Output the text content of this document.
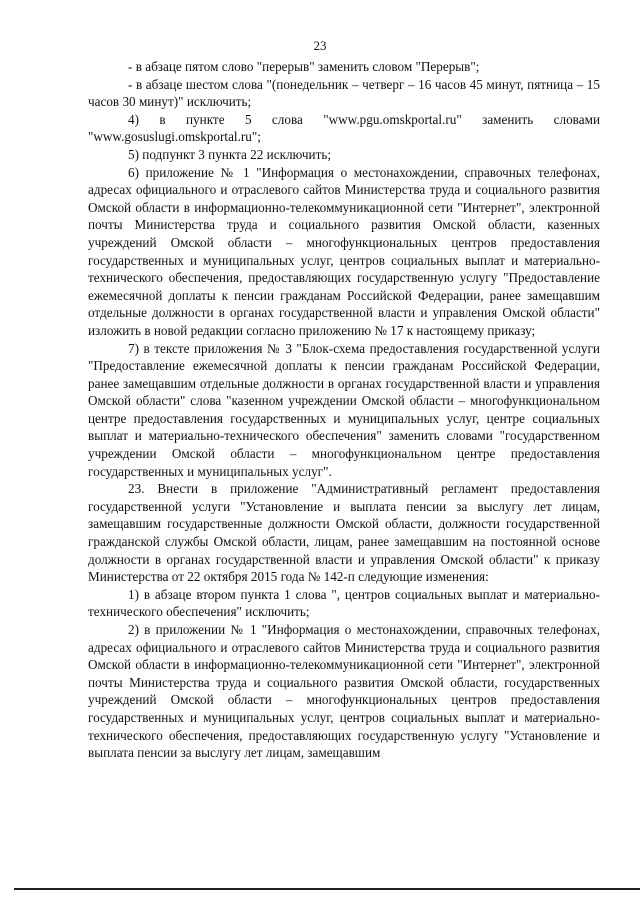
23

- в абзаце пятом слово "перерыв" заменить словом "Перерыв";

- в абзаце шестом слова "(понедельник – четверг – 16 часов 45 минут, пятница – 15 часов 30 минут)" исключить;

4) в пункте 5 слова "www.pgu.omskportal.ru" заменить словами "www.gosuslugi.omskportal.ru";

5) подпункт 3 пункта 22 исключить;

6) приложение № 1 "Информация о местонахождении, справочных телефонах, адресах официального и отраслевого сайтов Министерства труда и социального развития Омской области в информационно-телекоммуникационной сети "Интернет", электронной почты Министерства труда и социального развития Омской области, казенных учреждений Омской области – многофункциональных центров предоставления государственных и муниципальных услуг, центров социальных выплат и материально-технического обеспечения, предоставляющих государственную услугу "Предоставление ежемесячной доплаты к пенсии гражданам Российской Федерации, ранее замещавшим отдельные должности в органах государственной власти и управления Омской области" изложить в новой редакции согласно приложению № 17 к настоящему приказу;

7) в тексте приложения № 3 "Блок-схема предоставления государственной услуги "Предоставление ежемесячной доплаты к пенсии гражданам Российской Федерации, ранее замещавшим отдельные должности в органах государственной власти и управления Омской области" слова "казенном учреждении Омской области – многофункциональном центре предоставления государственных и муниципальных услуг, центре социальных выплат и материально-технического обеспечения" заменить словами "государственном учреждении Омской области – многофункциональном центре предоставления государственных и муниципальных услуг".

23. Внести в приложение "Административный регламент предоставления государственной услуги "Установление и выплата пенсии за выслугу лет лицам, замещавшим государственные должности Омской области, должности государственной гражданской службы Омской области, лицам, ранее замещавшим на постоянной основе должности в органах государственной власти и управления Омской области" к приказу Министерства от 22 октября 2015 года № 142-п следующие изменения:

1) в абзаце втором пункта 1 слова ", центров социальных выплат и материально-технического обеспечения" исключить;

2) в приложении № 1 "Информация о местонахождении, справочных телефонах, адресах официального и отраслевого сайтов Министерства труда и социального развития Омской области в информационно-телекоммуникационной сети "Интернет", электронной почты Министерства труда и социального развития Омской области, государственных учреждений Омской области – многофункциональных центров предоставления государственных и муниципальных услуг, центров социальных выплат и материально-технического обеспечения, предоставляющих государственную услугу "Установление и выплата пенсии за выслугу лет лицам, замещавшим
